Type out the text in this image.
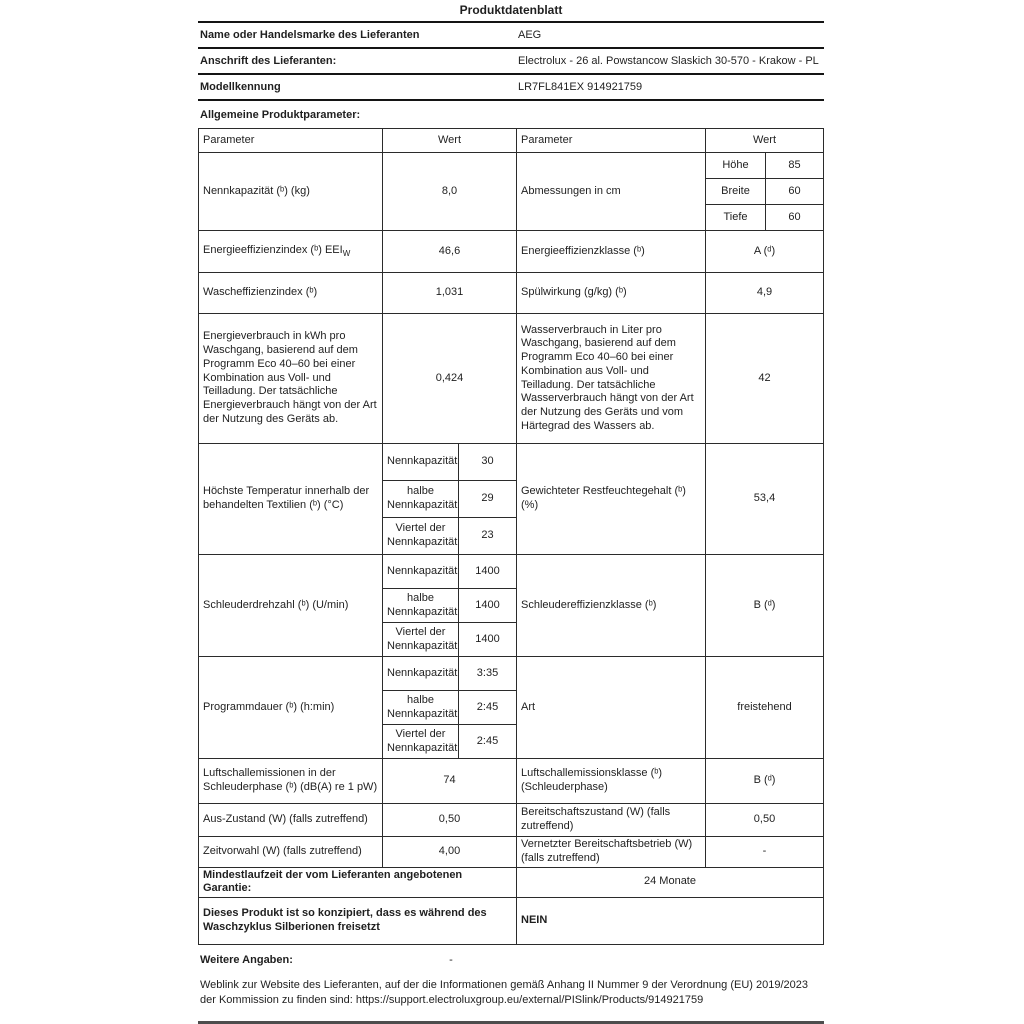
Produktdatenblatt
Name oder Handelsmarke des Lieferanten	AEG
Anschrift des Lieferanten:	Electrolux - 26 al. Powstancow Slaskich 30-570 - Krakow - PL
Modellkennung	LR7FL841EX 914921759
Allgemeine Produktparameter:
Parameter	Wert		Parameter	Wert	
Nennkapazität (ᵇ) (kg)	8,0		Abmessungen in cm	Höhe	85
				Breite	60
				Tiefe	60
Energieeffizienzindex (ᵇ) $EEI_W$	46,6		Energieeffizienzklasse (ᵇ)	A (ᵈ)	
Wascheffizienzindex (ᵇ)	1,031		Spülwirkung (g/kg) (ᵇ)	4,9	
Energieverbrauch in kWh pro Waschgang, basierend auf dem Programm Eco 40–60 bei einer Kombination aus Voll- und Teilladung. Der tatsächliche Energieverbrauch hängt von der Art der Nutzung des Geräts ab.	0,424	Wasserverbrauch in Liter pro Waschgang, basierend auf dem Programm Eco 40–60 bei einer Kombination aus Voll- und Teilladung. Der tatsächliche Wasserverbrauch hängt von der Art der Nutzung des Geräts und vom Härtegrad des Wassers ab.	42
Höchste Temperatur innerhalb der behandelten Textilien (ᵇ) (°C)	Nennkapazität	30	Gewichteter Restfeuchtegehalt (ᵇ) (%)	53,4	
	halbe Nennkapazität	29			
	Viertel der Nennkapazität	23			
Schleuderdrehzahl (ᵇ) (U/min)	Nennkapazität	1400	Schleudereffizienzklasse (ᵇ)	B (ᵈ)	
	halbe Nennkapazität	1400			
	Viertel der Nennkapazität	1400			
Programmdauer (ᵇ) (h:min)	Nennkapazität	3:35	Art	freistehend	
	halbe Nennkapazität	2:45			
	Viertel der Nennkapazität	2:45			
Luftschallemissionen in der Schleuderphase (ᵇ) (dB(A) re 1 pW)	74		Luftschallemissionsklasse (ᵇ) (Schleuderphase)	B (ᵈ)	
Aus-Zustand (W) (falls zutreffend)	0,50		Bereitschaftszustand (W) (falls zutreffend)	0,50	
Zeitvorwahl (W) (falls zutreffend)	4,00		Vernetzter Bereitschaftsbetrieb (W) (falls zutreffend)	-	
Mindestlaufzeit der vom Lieferanten angebotenen Garantie:			24 Monate		
Dieses Produkt ist so konzipiert, dass es während des Waschzyklus Silberionen freisetzt			NEIN		
Weitere Angaben:	-
Weblink zur Website des Lieferanten, auf der die Informationen gemäß Anhang II Nummer 9 der Verordnung (EU) 2019/2023 der Kommission zu finden sind: https://support.electroluxgroup.eu/external/PISlink/Products/914921759
